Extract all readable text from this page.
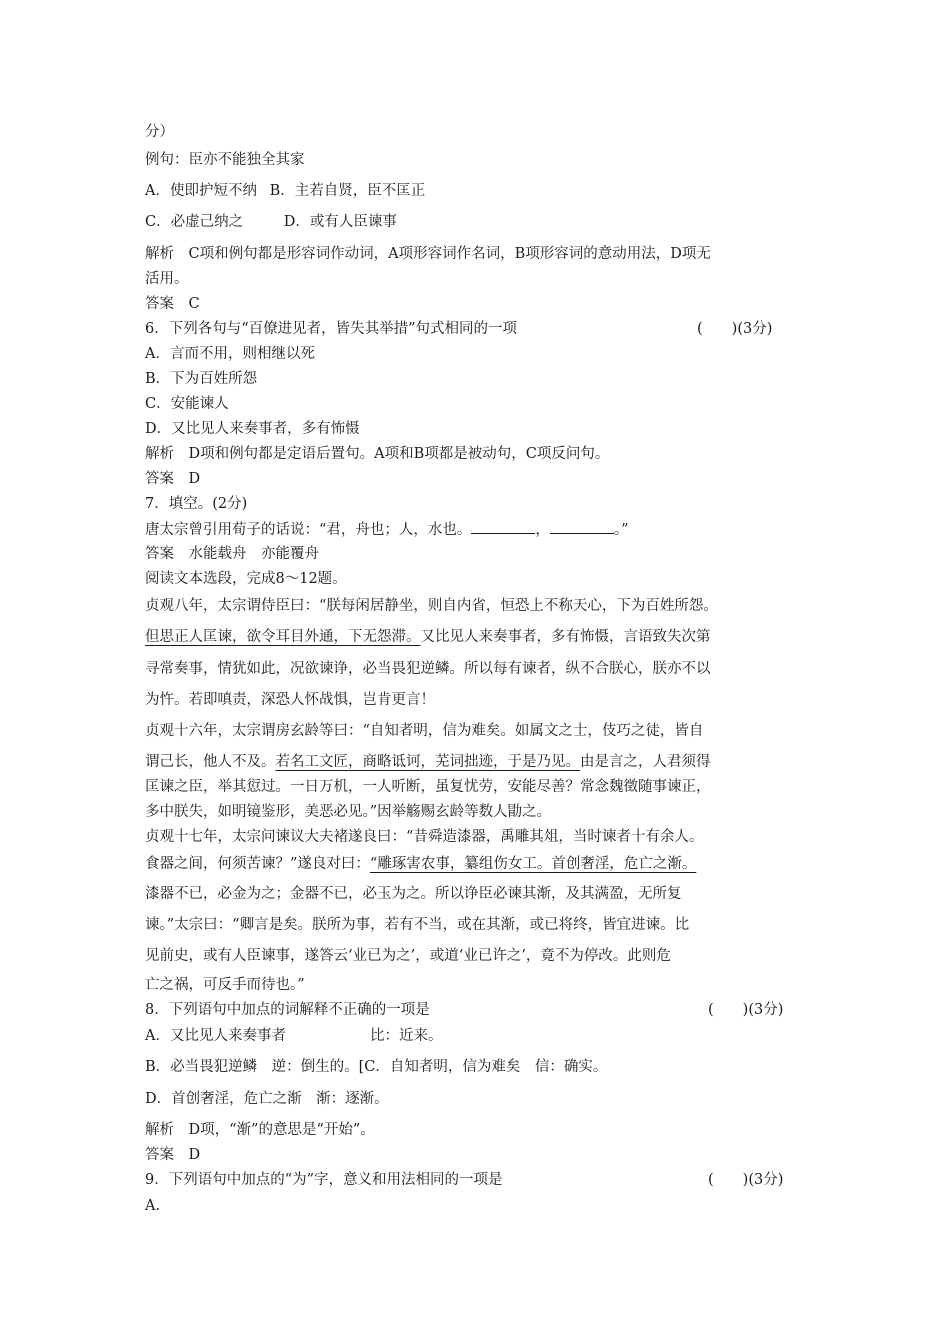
分）
例句：臣亦不能独全其家
A．使即护短不纳 B．主若自贤，臣不匡正
C．必虚己纳之	D．或有人臣谏事
解析　C项和例句都是形容词作动词，A项形容词作名词，B项形容词的意动用法，D项无
活用。
答案　C
6．下列各句与“百僚进见者，皆失其举措”句式相同的一项	(　　)(3分)
A．言而不用，则相继以死
B．下为百姓所怨
C．安能谏人
D．又比见人来奏事者，多有怖慑
解析　D项和例句都是定语后置句。A项和B项都是被动句，C项反问句。
答案　D
7．填空。(2分)
唐太宗曾引用荀子的话说：“君，舟也；人，水也。	，	。”
答案　水能载舟　亦能覆舟
阅读文本选段，完成8～12题。
贞观八年，太宗谓侍臣曰：“朕每闲居静坐，则自内省，恒恐上不称天心，下为百姓所怨。
但思正人匡谏，欲令耳目外通，下无怨滞。又比见人来奏事者，多有怖慑，言语致失次第
寻常奏事，情犹如此，况欲谏诤，必当畏犯逆鳞。所以每有谏者，纵不合朕心，朕亦不以
为忤。若即嗔责，深恐人怀战惧，岂肯更言！
贞观十六年，太宗谓房玄龄等曰：“自知者明，信为难矣。如属文之士，伎巧之徒，皆自
谓己长，他人不及。若名工文匠，商略诋诃，芜词拙迹，于是乃见。由是言之，人君须得
匡谏之臣，举其愆过。一日万机，一人听断，虽复忧劳，安能尽善？常念魏徵随事谏正，
多中朕失，如明镜鉴形，美恶必见。”因举觞赐玄龄等数人勖之。
贞观十七年，太宗问谏议大夫褚遂良曰：“昔舜造漆器，禹雕其俎，当时谏者十有余人。
食器之间，何须苦谏？”遂良对曰：“雕琢害农事，纂组伤女工。首创奢淫，危亡之渐。
漆器不已，必金为之；金器不已，必玉为之。所以诤臣必谏其渐，及其满盈，无所复
谏。”太宗曰：“卿言是矣。朕所为事，若有不当，或在其渐，或已将终，皆宜进谏。比
见前史，或有人臣谏事，遂答云‘业已为之’，或道‘业已许之’，竟不为停改。此则危
亡之祸，可反手而待也。”
8．下列语句中加点的词解释不正确的一项是	(　　)(3分)
A．又比见人来奏事者	比：近来。
B．必当畏犯逆鳞　逆：倒生的。[C．自知者明，信为难矣　信：确实。
D．首创奢淫，危亡之渐　渐：逐渐。
解析　D项，“渐”的意思是“开始”。
答案　D
9．下列语句中加点的“为”字，意义和用法相同的一项是	(　　)(3分)
A.
